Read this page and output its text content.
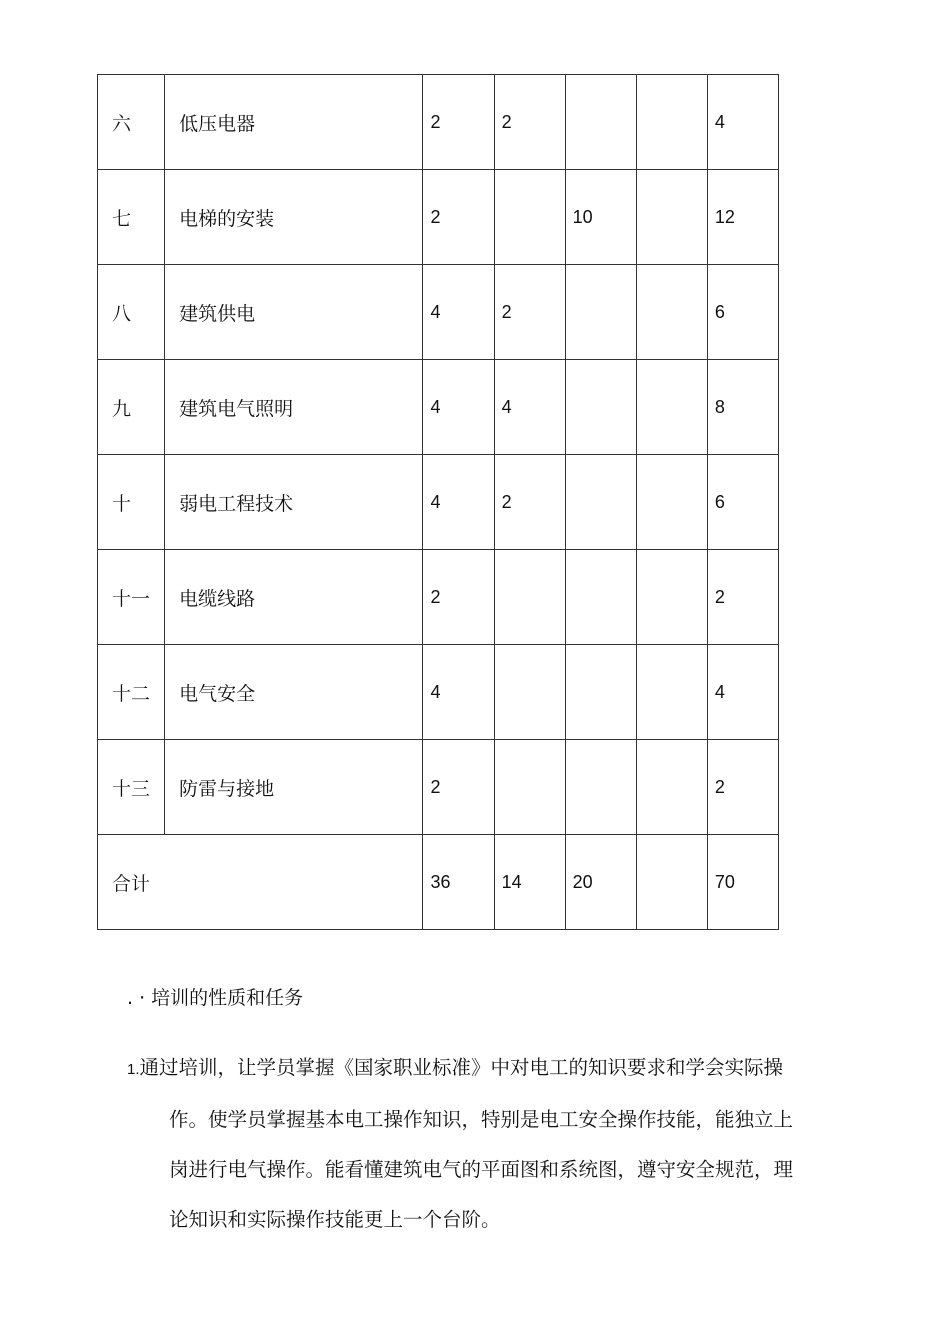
六	低压电器	2	2			4
七	电梯的安装	2		10		12
八	建筑供电	4	2			6
九	建筑电气照明	4	4			8
十	弱电工程技术	4	2			6
十一	电缆线路	2				2
十二	电气安全	4				4
十三	防雷与接地	2				2
合计		36	14	20		70
. · 培训的性质和任务
1.通过培训，让学员掌握《国家职业标准》中对电工的知识要求和学会实际操
作。使学员掌握基本电工操作知识，特别是电工安全操作技能，能独立上
岗进行电气操作。能看懂建筑电气的平面图和系统图，遵守安全规范，理
论知识和实际操作技能更上一个台阶。
